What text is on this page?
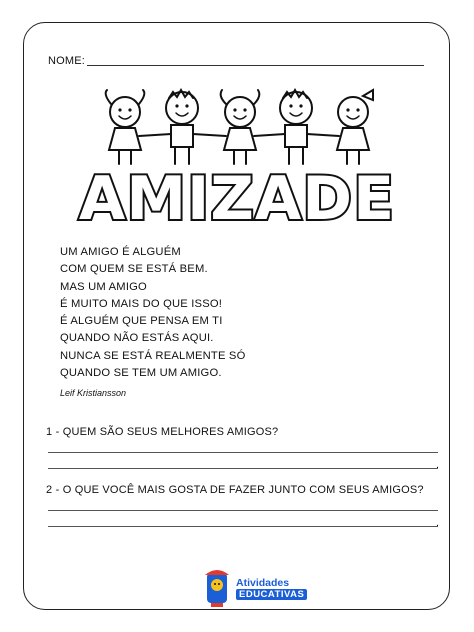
NOME:
AMIZADE
UM AMIGO É ALGUÉM
COM QUEM SE ESTÁ BEM.
MAS UM AMIGO
É MUITO MAIS DO QUE ISSO!
É ALGUÉM QUE PENSA EM TI
QUANDO NÃO ESTÁS AQUI.
NUNCA SE ESTÁ REALMENTE SÓ
QUANDO SE TEM UM AMIGO.
Leif Kristiansson
1 - QUEM SÃO SEUS MELHORES AMIGOS?
.
2 - O QUE VOCÊ MAIS GOSTA DE FAZER JUNTO COM SEUS AMIGOS?
.
Atividades
EDUCATIVAS
